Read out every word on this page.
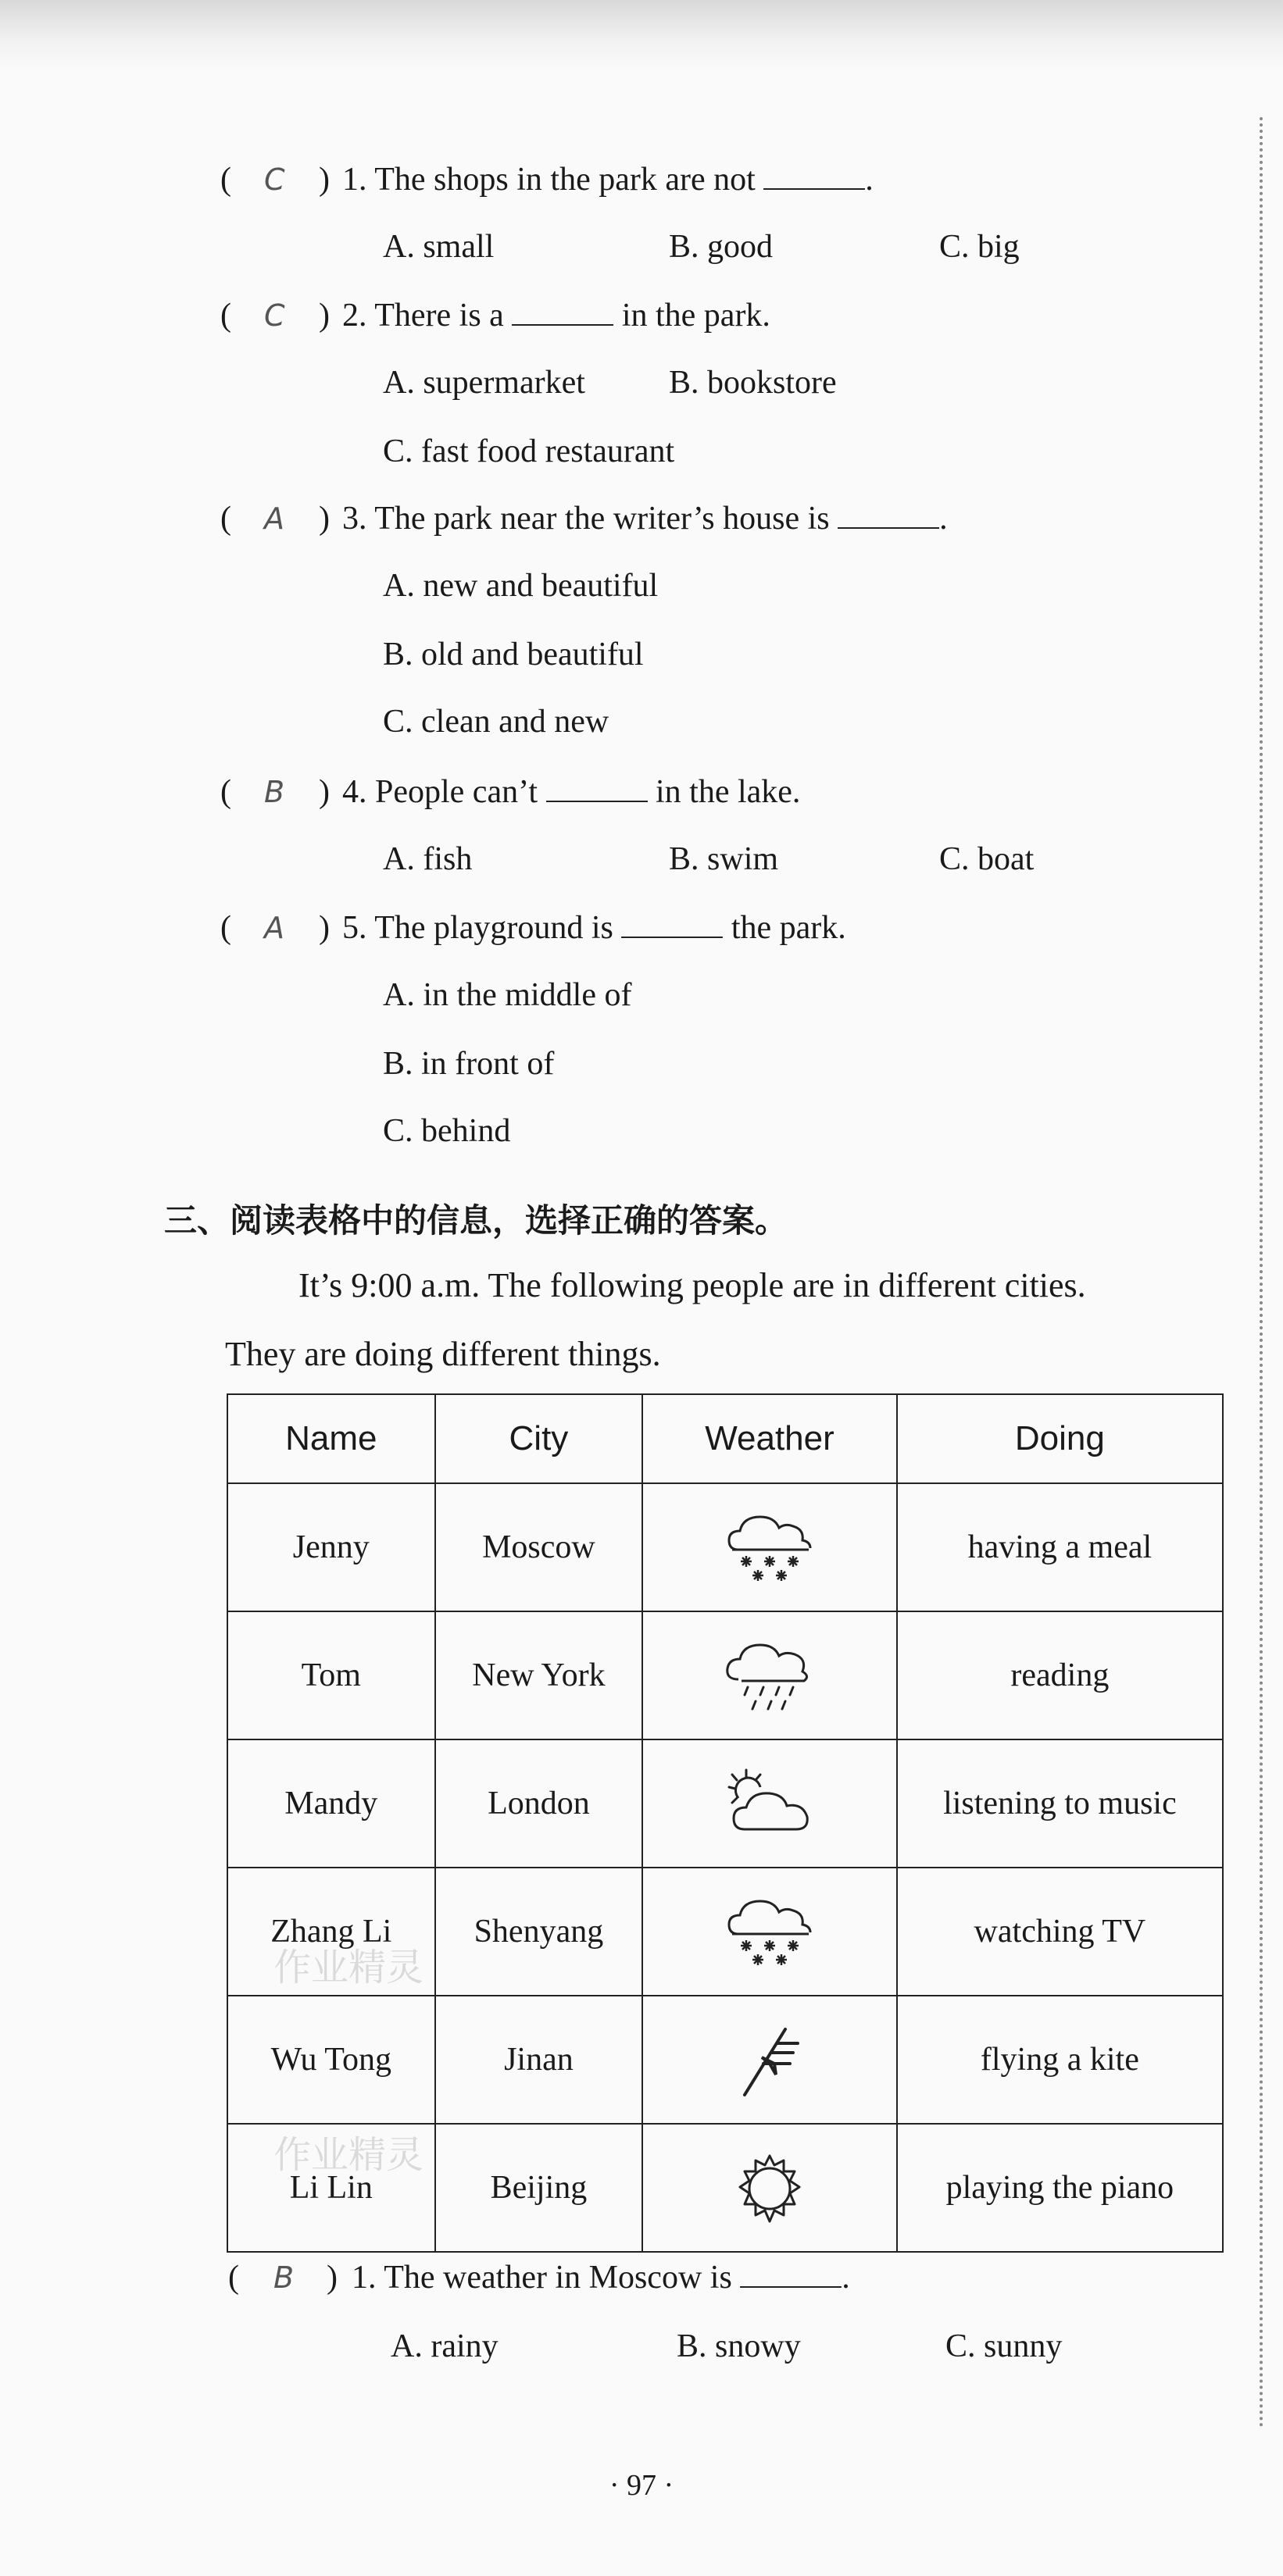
( C ) 1. The shops in the park are not	.
A. small	B. good	C. big
( C ) 2. There is a	in the park.
A. supermarket	B. bookstore
C. fast food restaurant
( A ) 3. The park near the writer’s house is	.
A. new and beautiful
B. old and beautiful
C. clean and new
( B ) 4. People can’t	in the lake.
A. fish	B. swim	C. boat
( A ) 5. The playground is	the park.
A. in the middle of
B. in front of
C. behind
三、阅读表格中的信息，选择正确的答案。
It’s 9:00 a.m. The following people are in different cities.
They are doing different things.
Name	City	Weather	Doing
Jenny	Moscow		having a meal
Tom	New York		reading
Mandy	London		listening to music
Zhang Li	Shenyang		watching TV
Wu Tong	Jinan		flying a kite
Li Lin	Beijing		playing the piano
作业精灵
作业精灵
( B ) 1. The weather in Moscow is	.
A. rainy	B. snowy	C. sunny
· 97 ·
